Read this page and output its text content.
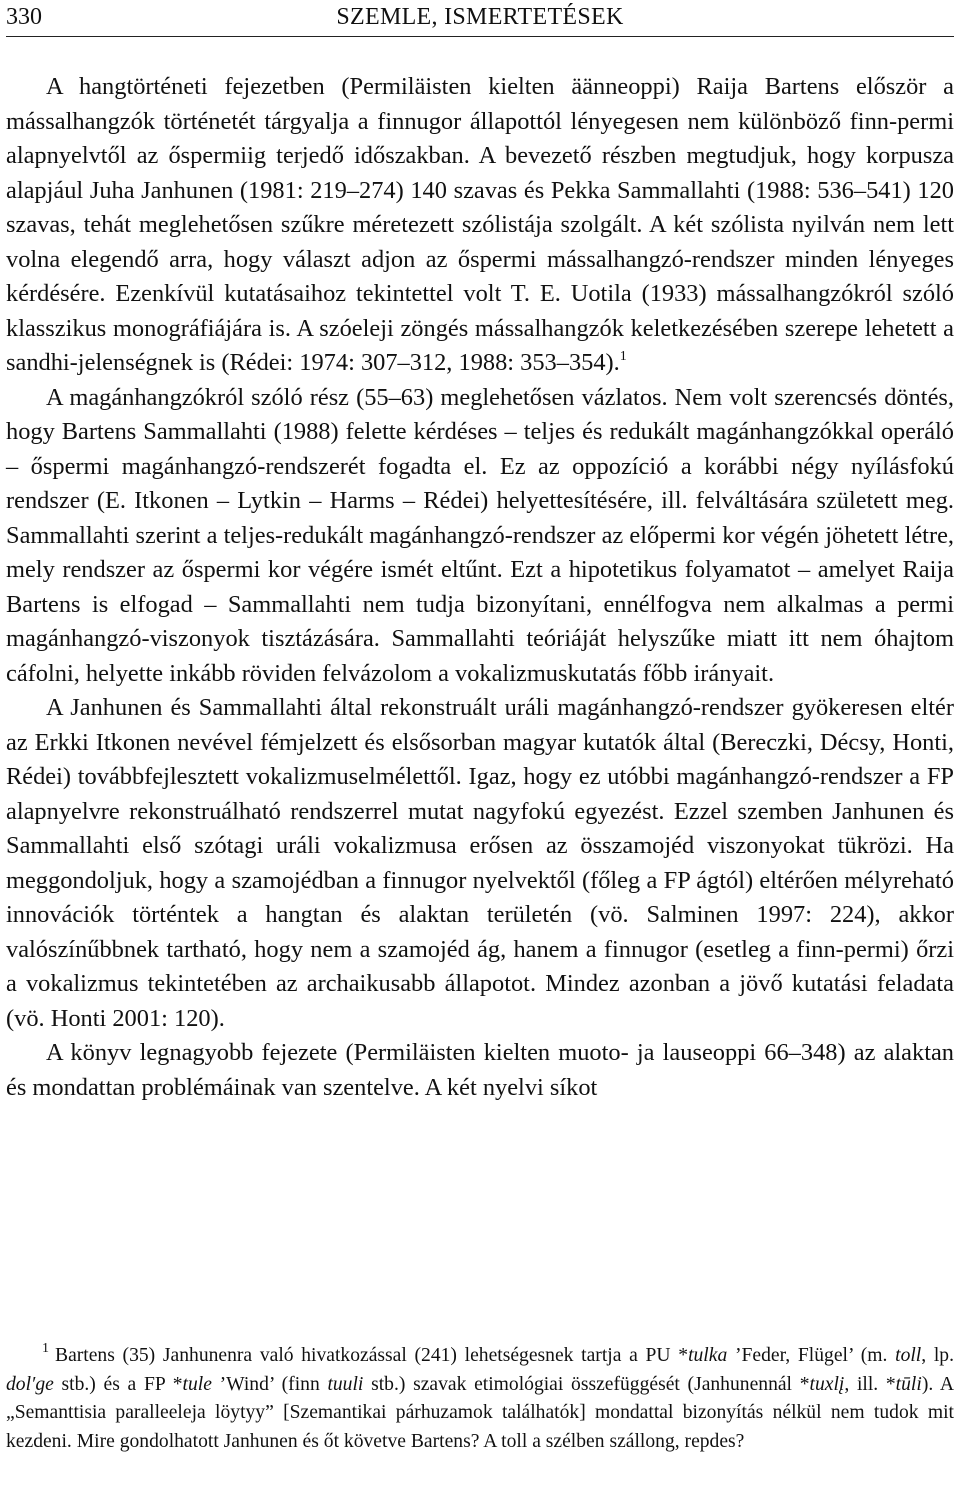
330	SZEMLE, ISMERTETÉSEK

A hangtörténeti fejezetben (Permiläisten kielten äänneoppi) Raija Bartens először a mássalhangzók történetét tárgyalja a finnugor állapottól lényegesen nem különböző finn-permi alapnyelvtől az őspermiig terjedő időszakban. A bevezető részben megtudjuk, hogy korpusza alapjául Juha Janhunen (1981: 219–274) 140 szavas és Pekka Sammallahti (1988: 536–541) 120 szavas, tehát meglehetősen szűkre méretezett szólistája szolgált. A két szólista nyilván nem lett volna elegendő arra, hogy választ adjon az őspermi mássalhangzó-rendszer minden lényeges kérdésére. Ezenkívül kutatásaihoz tekintettel volt T. E. Uotila (1933) mássalhangzókról szóló klasszikus monográfiájára is. A szóeleji zöngés mássalhangzók keletkezésében szerepe lehetett a sandhi-jelenségnek is (Rédei: 1974: 307–312, 1988: 353–354).$^1$

A magánhangzókról szóló rész (55–63) meglehetősen vázlatos. Nem volt szerencsés döntés, hogy Bartens Sammallahti (1988) felette kérdéses – teljes és redukált magánhangzókkal operáló – őspermi magánhangzó-rendszerét fogadta el. Ez az oppozíció a korábbi négy nyílásfokú rendszer (E. Itkonen – Lytkin – Harms – Rédei) helyettesítésére, ill. felváltására született meg. Sammallahti szerint a teljes-redukált magánhangzó-rendszer az előpermi kor végén jöhetett létre, mely rendszer az őspermi kor végére ismét eltűnt. Ezt a hipotetikus folyamatot – amelyet Raija Bartens is elfogad – Sammallahti nem tudja bizonyítani, ennélfogva nem alkalmas a permi magánhangzó-viszonyok tisztázására. Sammallahti teóriáját helyszűke miatt itt nem óhajtom cáfolni, helyette inkább röviden felvázolom a vokalizmuskutatás főbb irányait.

A Janhunen és Sammallahti által rekonstruált uráli magánhangzó-rendszer gyökeresen eltér az Erkki Itkonen nevével fémjelzett és elsősorban magyar kutatók által (Bereczki, Décsy, Honti, Rédei) továbbfejlesztett vokalizmuselmélettől. Igaz, hogy ez utóbbi magánhangzó-rendszer a FP alapnyelvre rekonstruálható rendszerrel mutat nagyfokú egyezést. Ezzel szemben Janhunen és Sammallahti első szótagi uráli vokalizmusa erősen az összamojéd viszonyokat tükrözi. Ha meggondoljuk, hogy a szamojédban a finnugor nyelvektől (főleg a FP ágtól) eltérően mélyreható innovációk történtek a hangtan és alaktan területén (vö. Salminen 1997: 224), akkor valószínűbbnek tartható, hogy nem a szamojéd ág, hanem a finnugor (esetleg a finn-permi) őrzi a vokalizmus tekintetében az archaikusabb állapotot. Mindez azonban a jövő kutatási feladata (vö. Honti 2001: 120).

A könyv legnagyobb fejezete (Permiläisten kielten muoto- ja lauseoppi 66–348) az alaktan és mondattan problémáinak van szentelve. A két nyelvi síkot

$^1$ Bartens (35) Janhunenra való hivatkozással (241) lehetségesnek tartja a PU *tulka ’Feder, Flügel’ (m. toll, lp. dol′ge stb.) és a FP *tule ’Wind’ (finn tuuli stb.) szavak etimológiai összefüggését (Janhunennál *tuxlį, ill. *tūli). A „Semanttisia paralleeleja löytyy” [Szemantikai párhuzamok találhatók] mondattal bizonyítás nélkül nem tudok mit kezdeni. Mire gondolhatott Janhunen és őt követve Bartens? A toll a szélben szállong, repdes?
